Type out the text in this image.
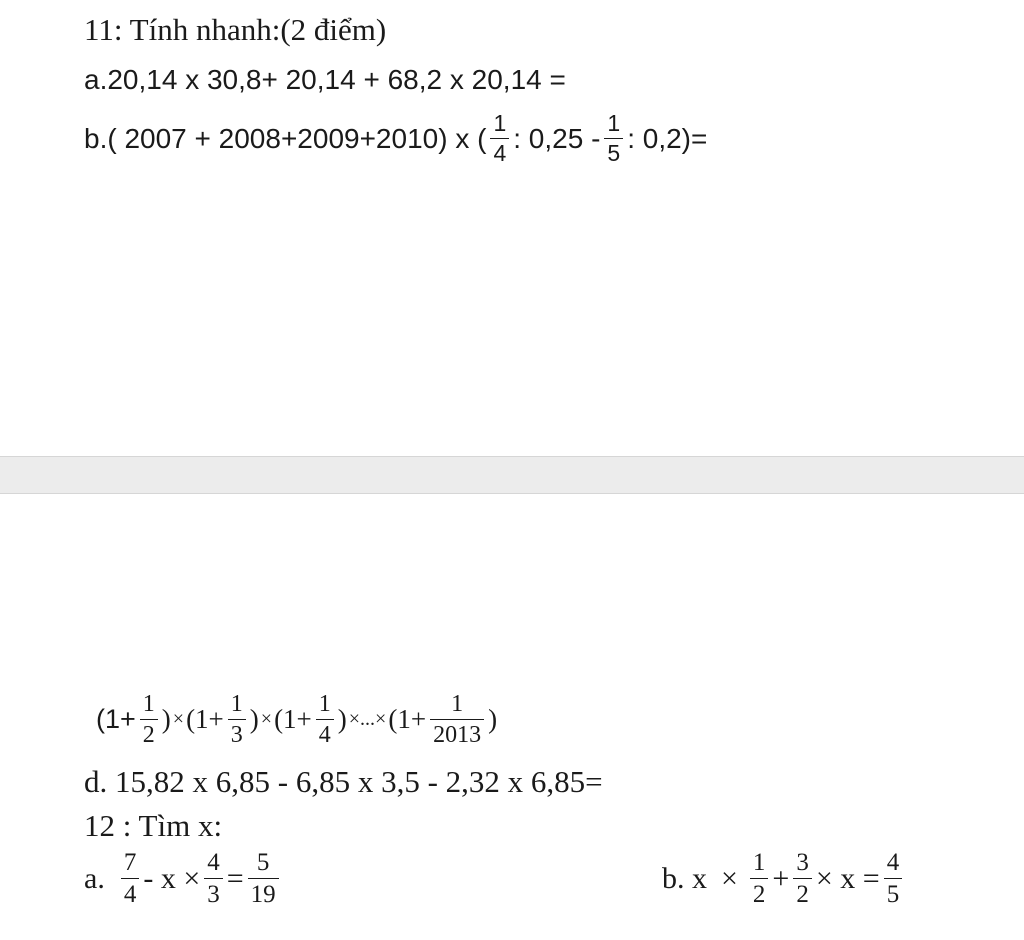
11: Tính nhanh:(2 điểm)
a.20,14 x 30,8+ 20,14 + 68,2 x 20,14 =
b.( 2007 + 2008+2009+2010) x ( $\frac{1}{4}$ : $0,25 - \frac{1}{5}$ : 0,2)=
($1+ \frac{1}{2}$ ) × ($1+ \frac{1}{3}$ ) × ($1+ \frac{1}{4}$ ) ×...× ($1+ \frac{1}{2013}$ )
d. 15,82 x 6,85 - 6,85 x 3,5 - 2,32 x 6,85=
12 : Tìm x:
a. $\frac{7}{4} - x \times \frac{4}{3} = \frac{5}{19}$	b. $x \times \frac{1}{2} + \frac{3}{2} \times x = \frac{4}{5}$
